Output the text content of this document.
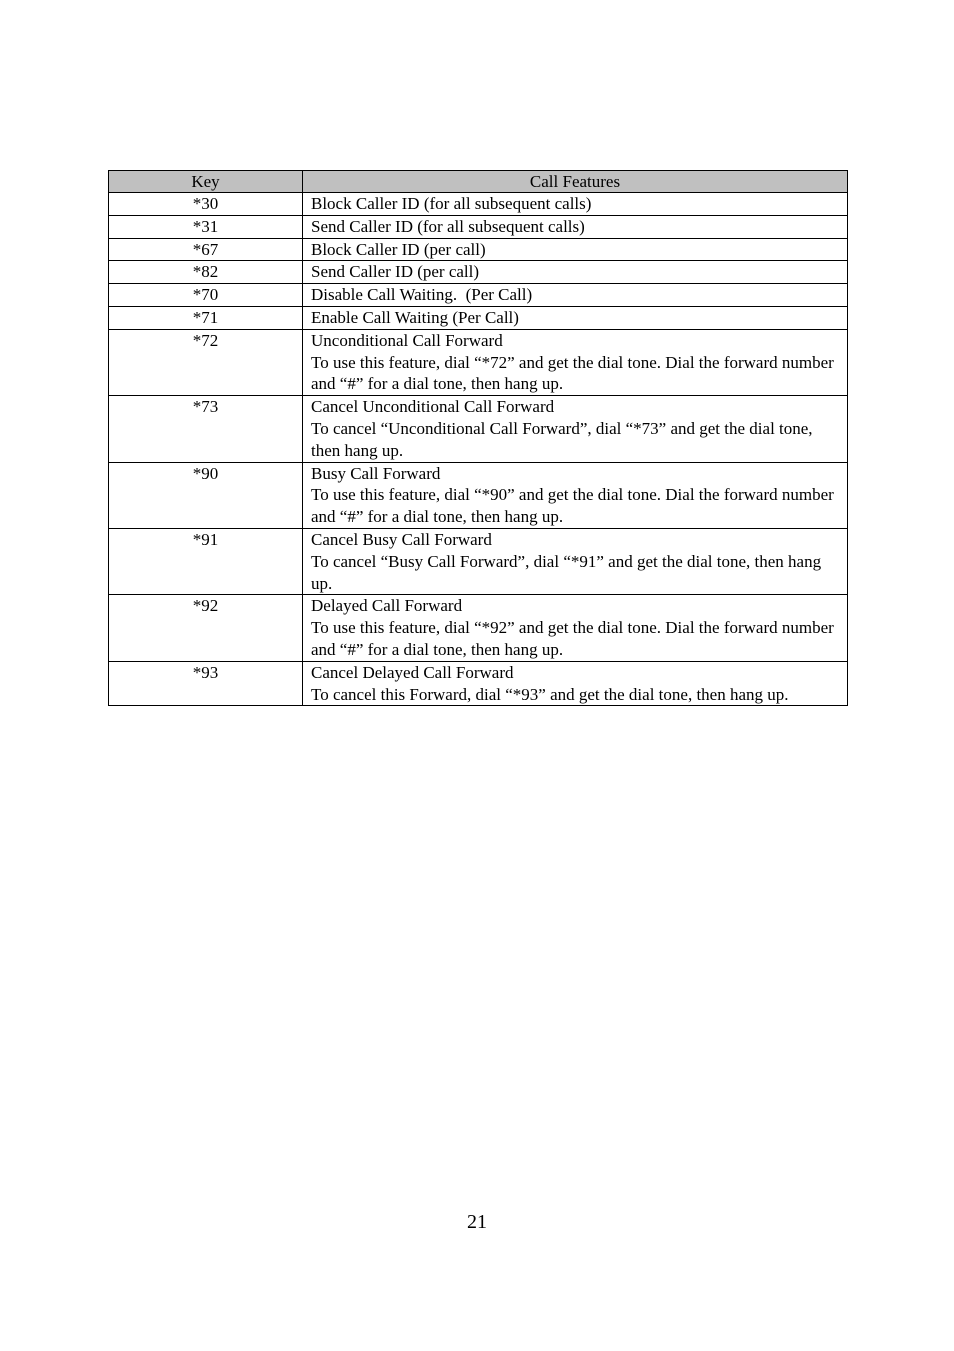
Key	Call Features
*30	Block Caller ID (for all subsequent calls)

*31	Send Caller ID (for all subsequent calls)

*67	Block Caller ID (per call)

*82	Send Caller ID (per call)

*70	Disable Call Waiting.  (Per Call)

*71	Enable Call Waiting (Per Call)

*72	Unconditional Call Forward
To use this feature, dial “*72” and get the dial tone. Dial the forward number and “#” for a dial tone, then hang up.

*73	Cancel Unconditional Call Forward
To cancel “Unconditional Call Forward”, dial “*73” and get the dial tone, then hang up.

*90	Busy Call Forward
To use this feature, dial “*90” and get the dial tone. Dial the forward number and “#” for a dial tone, then hang up.

*91	Cancel Busy Call Forward
To cancel “Busy Call Forward”, dial “*91” and get the dial tone, then hang up.

*92	Delayed Call Forward
To use this feature, dial “*92” and get the dial tone. Dial the forward number and “#” for a dial tone, then hang up.

*93	Cancel Delayed Call Forward
To cancel this Forward, dial “*93” and get the dial tone, then hang up.
21
